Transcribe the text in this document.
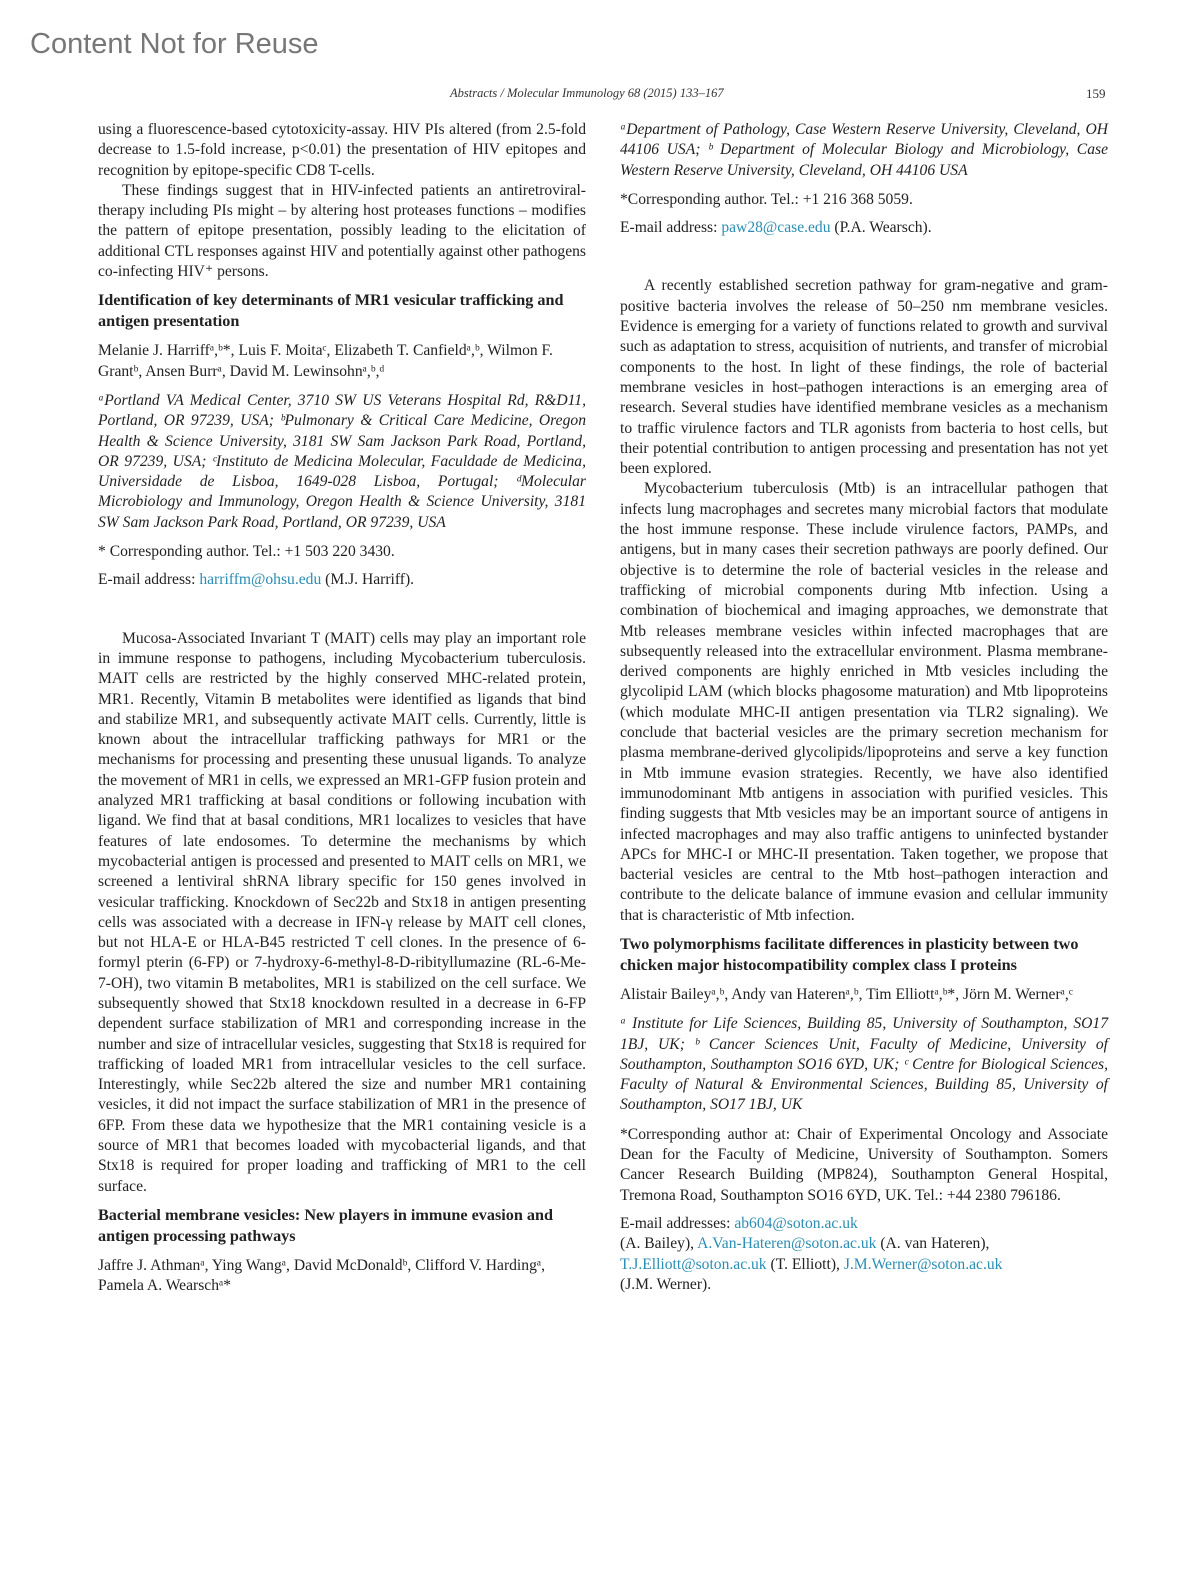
Content Not for Reuse
Abstracts / Molecular Immunology 68 (2015) 133–167	159

using a fluorescence-based cytotoxicity-assay. HIV PIs altered (from 2.5-fold decrease to 1.5-fold increase, p<0.01) the presentation of HIV epitopes and recognition by epitope-specific CD8 T-cells.

These findings suggest that in HIV-infected patients an antiretroviral-therapy including PIs might – by altering host proteases functions – modifies the pattern of epitope presentation, possibly leading to the elicitation of additional CTL responses against HIV and potentially against other pathogens co-infecting HIV⁺ persons.

Identification of key determinants of MR1 vesicular trafficking and antigen presentation
Melanie J. Harriffᵃ,ᵇ*, Luis F. Moitaᶜ, Elizabeth T. Canfieldᵃ,ᵇ, Wilmon F. Grantᵇ, Ansen Burrᵃ, David M. Lewinsohnᵃ,ᵇ,ᵈ
ᵃPortland VA Medical Center, 3710 SW US Veterans Hospital Rd, R&D11, Portland, OR 97239, USA; ᵇPulmonary & Critical Care Medicine, Oregon Health & Science University, 3181 SW Sam Jackson Park Road, Portland, OR 97239, USA; ᶜInstituto de Medicina Molecular, Faculdade de Medicina, Universidade de Lisboa, 1649-028 Lisboa, Portugal; ᵈMolecular Microbiology and Immunology, Oregon Health & Science University, 3181 SW Sam Jackson Park Road, Portland, OR 97239, USA
* Corresponding author. Tel.: +1 503 220 3430.
E-mail address: harriffm@ohsu.edu (M.J. Harriff).

Mucosa-Associated Invariant T (MAIT) cells may play an important role in immune response to pathogens, including Mycobacterium tuberculosis. MAIT cells are restricted by the highly conserved MHC-related protein, MR1. Recently, Vitamin B metabolites were identified as ligands that bind and stabilize MR1, and subsequently activate MAIT cells. Currently, little is known about the intracellular trafficking pathways for MR1 or the mechanisms for processing and presenting these unusual ligands. To analyze the movement of MR1 in cells, we expressed an MR1-GFP fusion protein and analyzed MR1 trafficking at basal conditions or following incubation with ligand. We find that at basal conditions, MR1 localizes to vesicles that have features of late endosomes. To determine the mechanisms by which mycobacterial antigen is processed and presented to MAIT cells on MR1, we screened a lentiviral shRNA library specific for 150 genes involved in vesicular trafficking. Knockdown of Sec22b and Stx18 in antigen presenting cells was associated with a decrease in IFN-γ release by MAIT cell clones, but not HLA-E or HLA-B45 restricted T cell clones. In the presence of 6-formyl pterin (6-FP) or 7-hydroxy-6-methyl-8-D-ribityllumazine (RL-6-Me-7-OH), two vitamin B metabolites, MR1 is stabilized on the cell surface. We subsequently showed that Stx18 knockdown resulted in a decrease in 6-FP dependent surface stabilization of MR1 and corresponding increase in the number and size of intracellular vesicles, suggesting that Stx18 is required for trafficking of loaded MR1 from intracellular vesicles to the cell surface. Interestingly, while Sec22b altered the size and number MR1 containing vesicles, it did not impact the surface stabilization of MR1 in the presence of 6FP. From these data we hypothesize that the MR1 containing vesicle is a source of MR1 that becomes loaded with mycobacterial ligands, and that Stx18 is required for proper loading and trafficking of MR1 to the cell surface.

Bacterial membrane vesicles: New players in immune evasion and antigen processing pathways
Jaffre J. Athmanᵃ, Ying Wangᵃ, David McDonaldᵇ, Clifford V. Hardingᵃ, Pamela A. Wearschᵃ*
ᵃDepartment of Pathology, Case Western Reserve University, Cleveland, OH 44106 USA; ᵇ Department of Molecular Biology and Microbiology, Case Western Reserve University, Cleveland, OH 44106 USA
*Corresponding author. Tel.: +1 216 368 5059.
E-mail address: paw28@case.edu (P.A. Wearsch).

A recently established secretion pathway for gram-negative and gram-positive bacteria involves the release of 50–250 nm membrane vesicles. Evidence is emerging for a variety of functions related to growth and survival such as adaptation to stress, acquisition of nutrients, and transfer of microbial components to the host. In light of these findings, the role of bacterial membrane vesicles in host–pathogen interactions is an emerging area of research. Several studies have identified membrane vesicles as a mechanism to traffic virulence factors and TLR agonists from bacteria to host cells, but their potential contribution to antigen processing and presentation has not yet been explored.

Mycobacterium tuberculosis (Mtb) is an intracellular pathogen that infects lung macrophages and secretes many microbial factors that modulate the host immune response. These include virulence factors, PAMPs, and antigens, but in many cases their secretion pathways are poorly defined. Our objective is to determine the role of bacterial vesicles in the release and trafficking of microbial components during Mtb infection. Using a combination of biochemical and imaging approaches, we demonstrate that Mtb releases membrane vesicles within infected macrophages that are subsequently released into the extracellular environment. Plasma membrane-derived components are highly enriched in Mtb vesicles including the glycolipid LAM (which blocks phagosome maturation) and Mtb lipoproteins (which modulate MHC-II antigen presentation via TLR2 signaling). We conclude that bacterial vesicles are the primary secretion mechanism for plasma membrane-derived glycolipids/lipoproteins and serve a key function in Mtb immune evasion strategies. Recently, we have also identified immunodominant Mtb antigens in association with purified vesicles. This finding suggests that Mtb vesicles may be an important source of antigens in infected macrophages and may also traffic antigens to uninfected bystander APCs for MHC-I or MHC-II presentation. Taken together, we propose that bacterial vesicles are central to the Mtb host–pathogen interaction and contribute to the delicate balance of immune evasion and cellular immunity that is characteristic of Mtb infection.

Two polymorphisms facilitate differences in plasticity between two chicken major histocompatibility complex class I proteins
Alistair Baileyᵃ,ᵇ, Andy van Haterenᵃ,ᵇ, Tim Elliottᵃ,ᵇ*, Jörn M. Wernerᵃ,ᶜ
ᵃ Institute for Life Sciences, Building 85, University of Southampton, SO17 1BJ, UK; ᵇ Cancer Sciences Unit, Faculty of Medicine, University of Southampton, Southampton SO16 6YD, UK; ᶜ Centre for Biological Sciences, Faculty of Natural & Environmental Sciences, Building 85, University of Southampton, SO17 1BJ, UK
*Corresponding author at: Chair of Experimental Oncology and Associate Dean for the Faculty of Medicine, University of Southampton. Somers Cancer Research Building (MP824), Southampton General Hospital, Tremona Road, Southampton SO16 6YD, UK. Tel.: +44 2380 796186.
E-mail addresses: ab604@soton.ac.uk
(A. Bailey), A.Van-Hateren@soton.ac.uk (A. van Hateren),
T.J.Elliott@soton.ac.uk (T. Elliott), J.M.Werner@soton.ac.uk
(J.M. Werner).
